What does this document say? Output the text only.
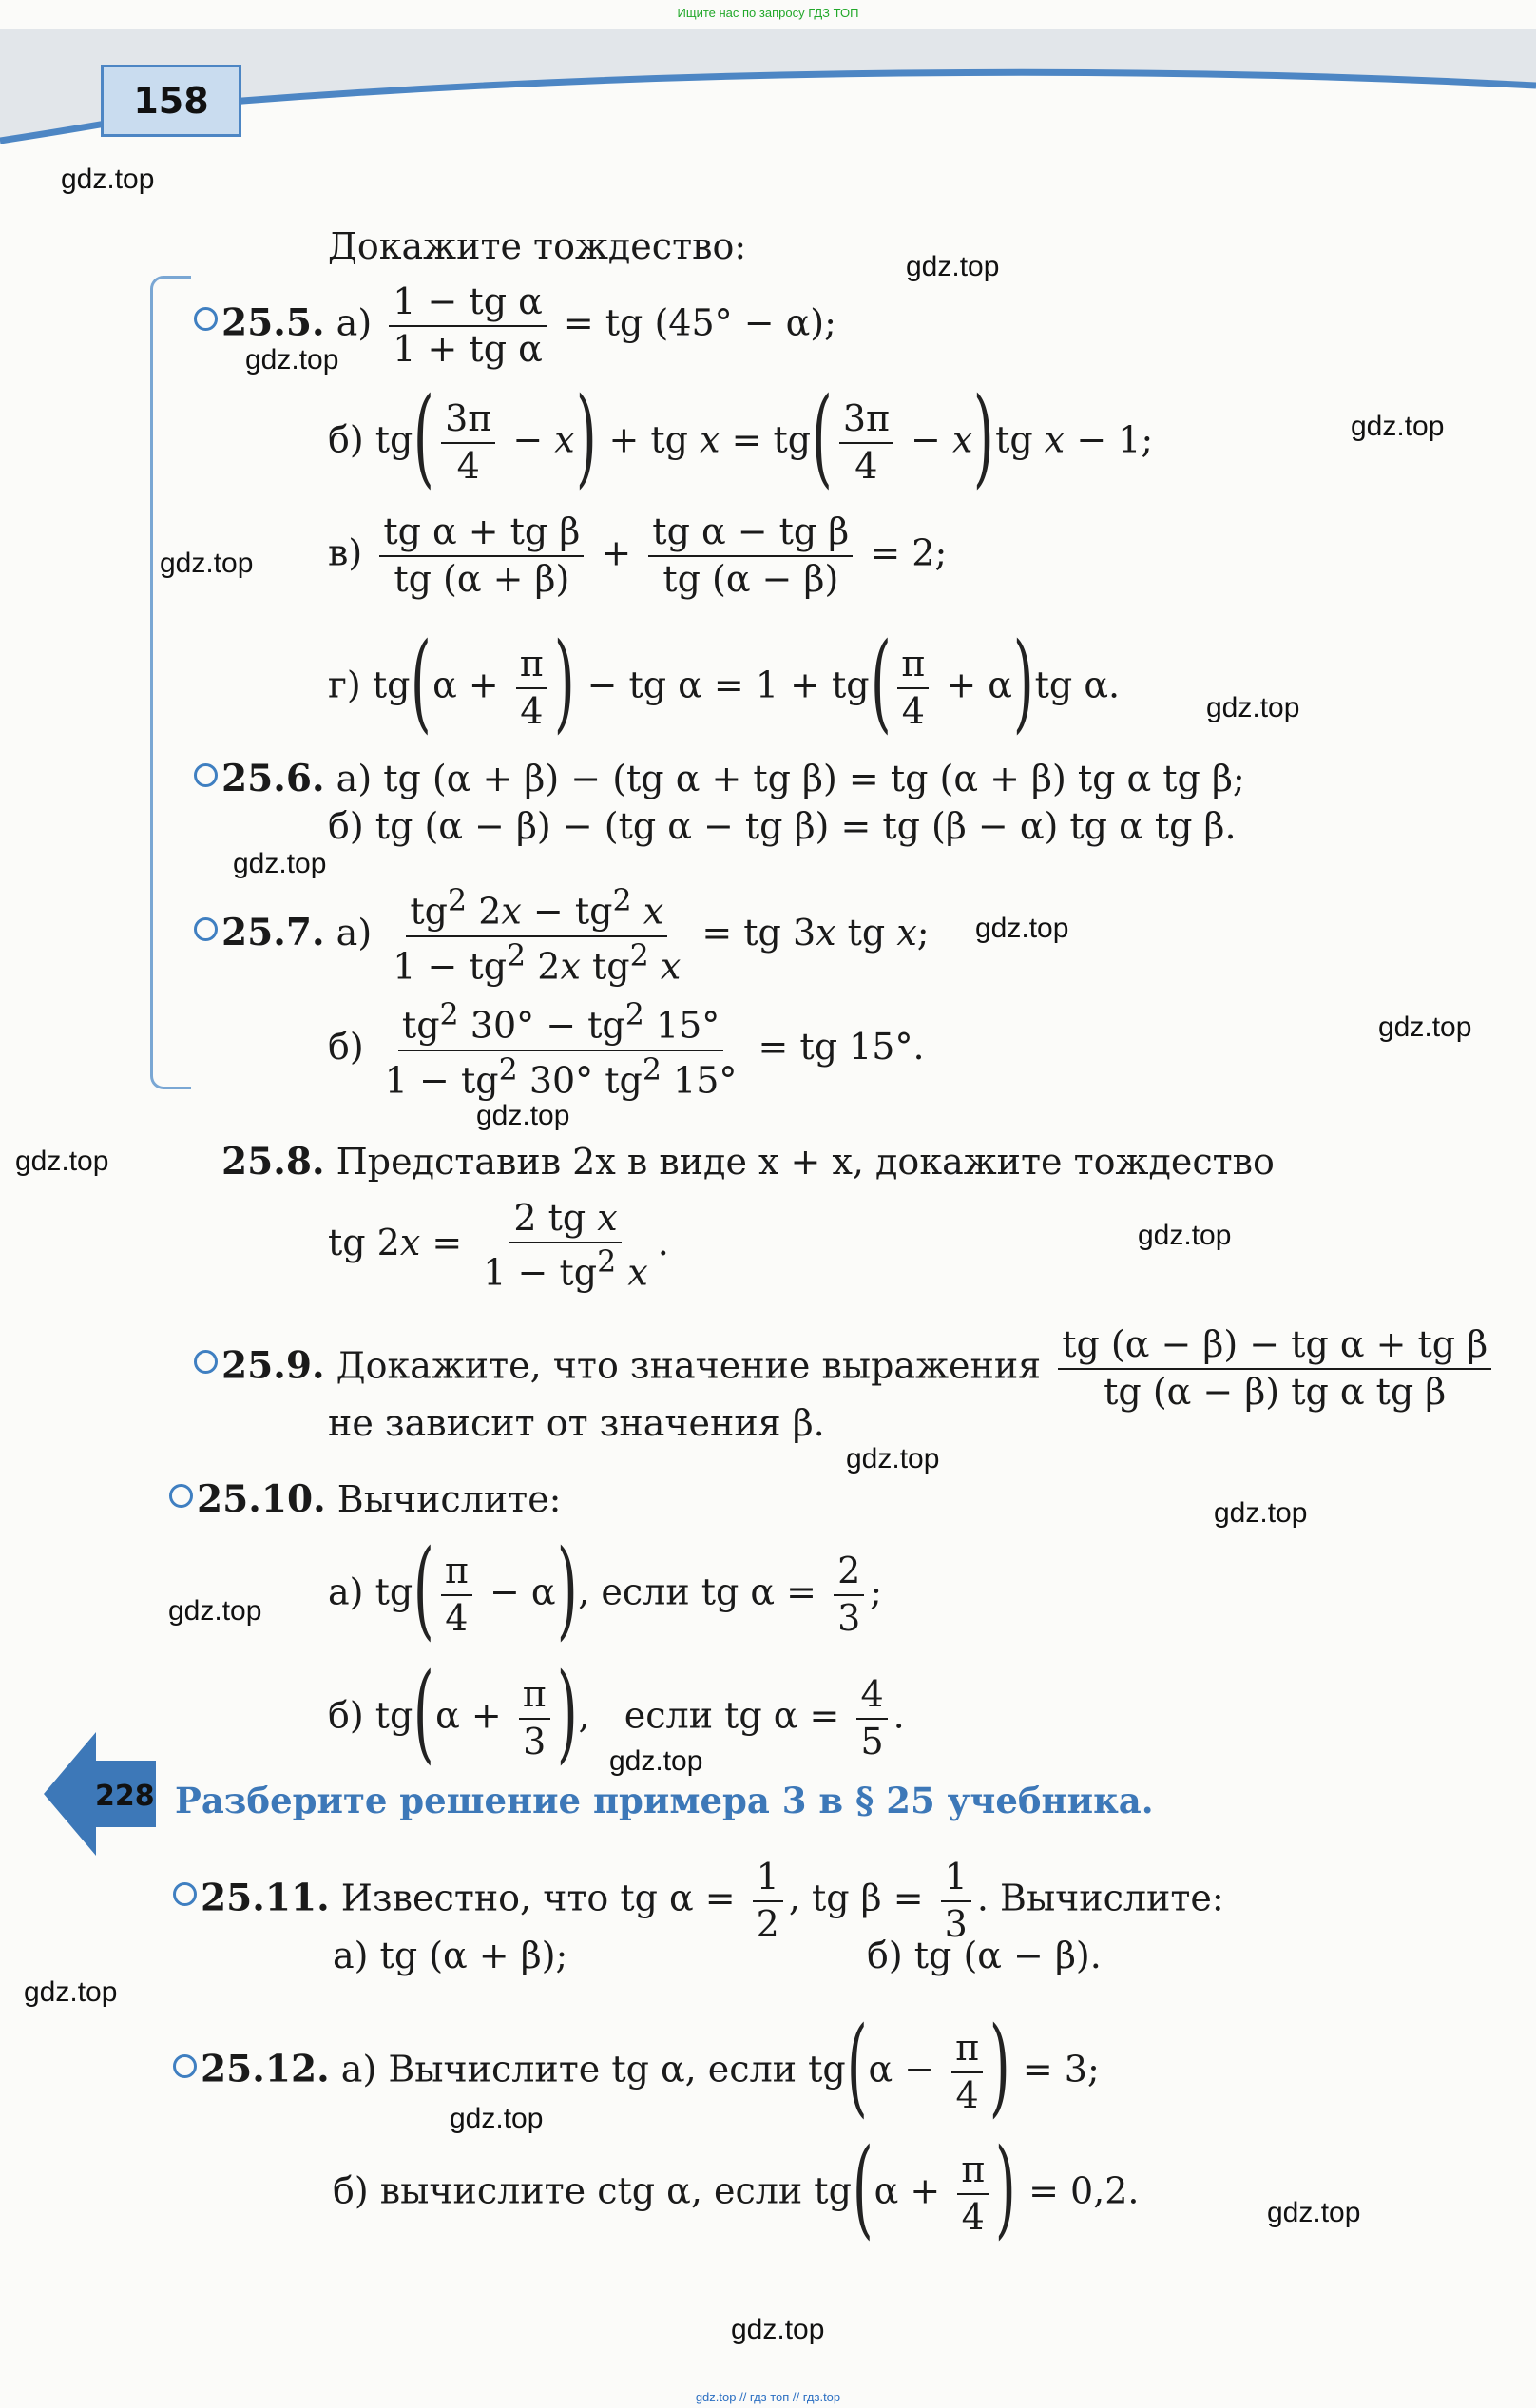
Ищите нас по запросу ГДЗ ТОП
158
Докажите тождество:
25.5. $а) \frac{\text{1 − tg α}}{\text{1 + tg α}}$ = tg (45° − α);
б) $tg( \frac{3\pi}{4} - x)$ + tg $x = tg( \frac{3\pi}{4} - x)tg$ x − 1;
$в) \frac{\text{tg α + tg β}}{tg (\alpha + \beta)} + \frac{\text{tg α − tg β}}{tg (\alpha - \beta)} = 2$;
г) $tg(\alpha + \frac{\pi}{4}$ ) − tg $\alpha = 1 + tg( \frac{\pi}{4} + \alpha)tg$ α.
25.6. а) tg (α + β) − (tg α + tg β) = tg (α + β) tg α tg β;
б) tg (α − β) − (tg α − tg β) = tg (β − α) tg α tg β.
25.7. $а) \frac{tg^2 2x - tg^2 x}{1 - tg^2 2x tg^2 x}$ = tg 3x tg x;
$б) \frac{tg^2 30^\circ - tg^2 15^\circ}{1 - tg^2 30^\circ tg^2 15^\circ}$ = tg 15°.
25.8. Представив 2x в виде x + x, докажите тождество
tg $2x = \frac{\text{2 tg x}}{1 - tg^2 x}$ .
25.9. Докажите, что значение выражения $\frac{\text{tg (α − β) − tg α + tg β}}{\text{tg (α − β) tg α tg β}}$
не зависит от значения β.
25.10. Вычислите:
а) $tg( \frac{\pi}{4} - \alpha)$, если tg $\alpha = \frac{2}{3}$ ;
б) $tg(\alpha + \frac{\pi}{3}$ ),   если tg $\alpha = \frac{4}{5}$ .
228 Разберите решение примера 3 в § 25 учебника.
25.11. Известно, что tg $\alpha = \frac{1}{2}$ , tg $\beta = \frac{1}{3}$ . Вычислите:
а) tg (α + β);	б) tg (α − β).
25.12. а) Вычислите tg α, если $tg(\alpha - \frac{\pi}{4}$ ) = 3;
б) вычислите ctg α, если $tg(\alpha + \frac{\pi}{4}$ ) = 0,2.
gdz.top
gdz.top
gdz.top
gdz.top
gdz.top
gdz.top
gdz.top
gdz.top
gdz.top
gdz.top
gdz.top
gdz.top
gdz.top
gdz.top
gdz.top
gdz.top
gdz.top
gdz.top
gdz.top
gdz.top
gdz.top // гдз топ // гдз.top
